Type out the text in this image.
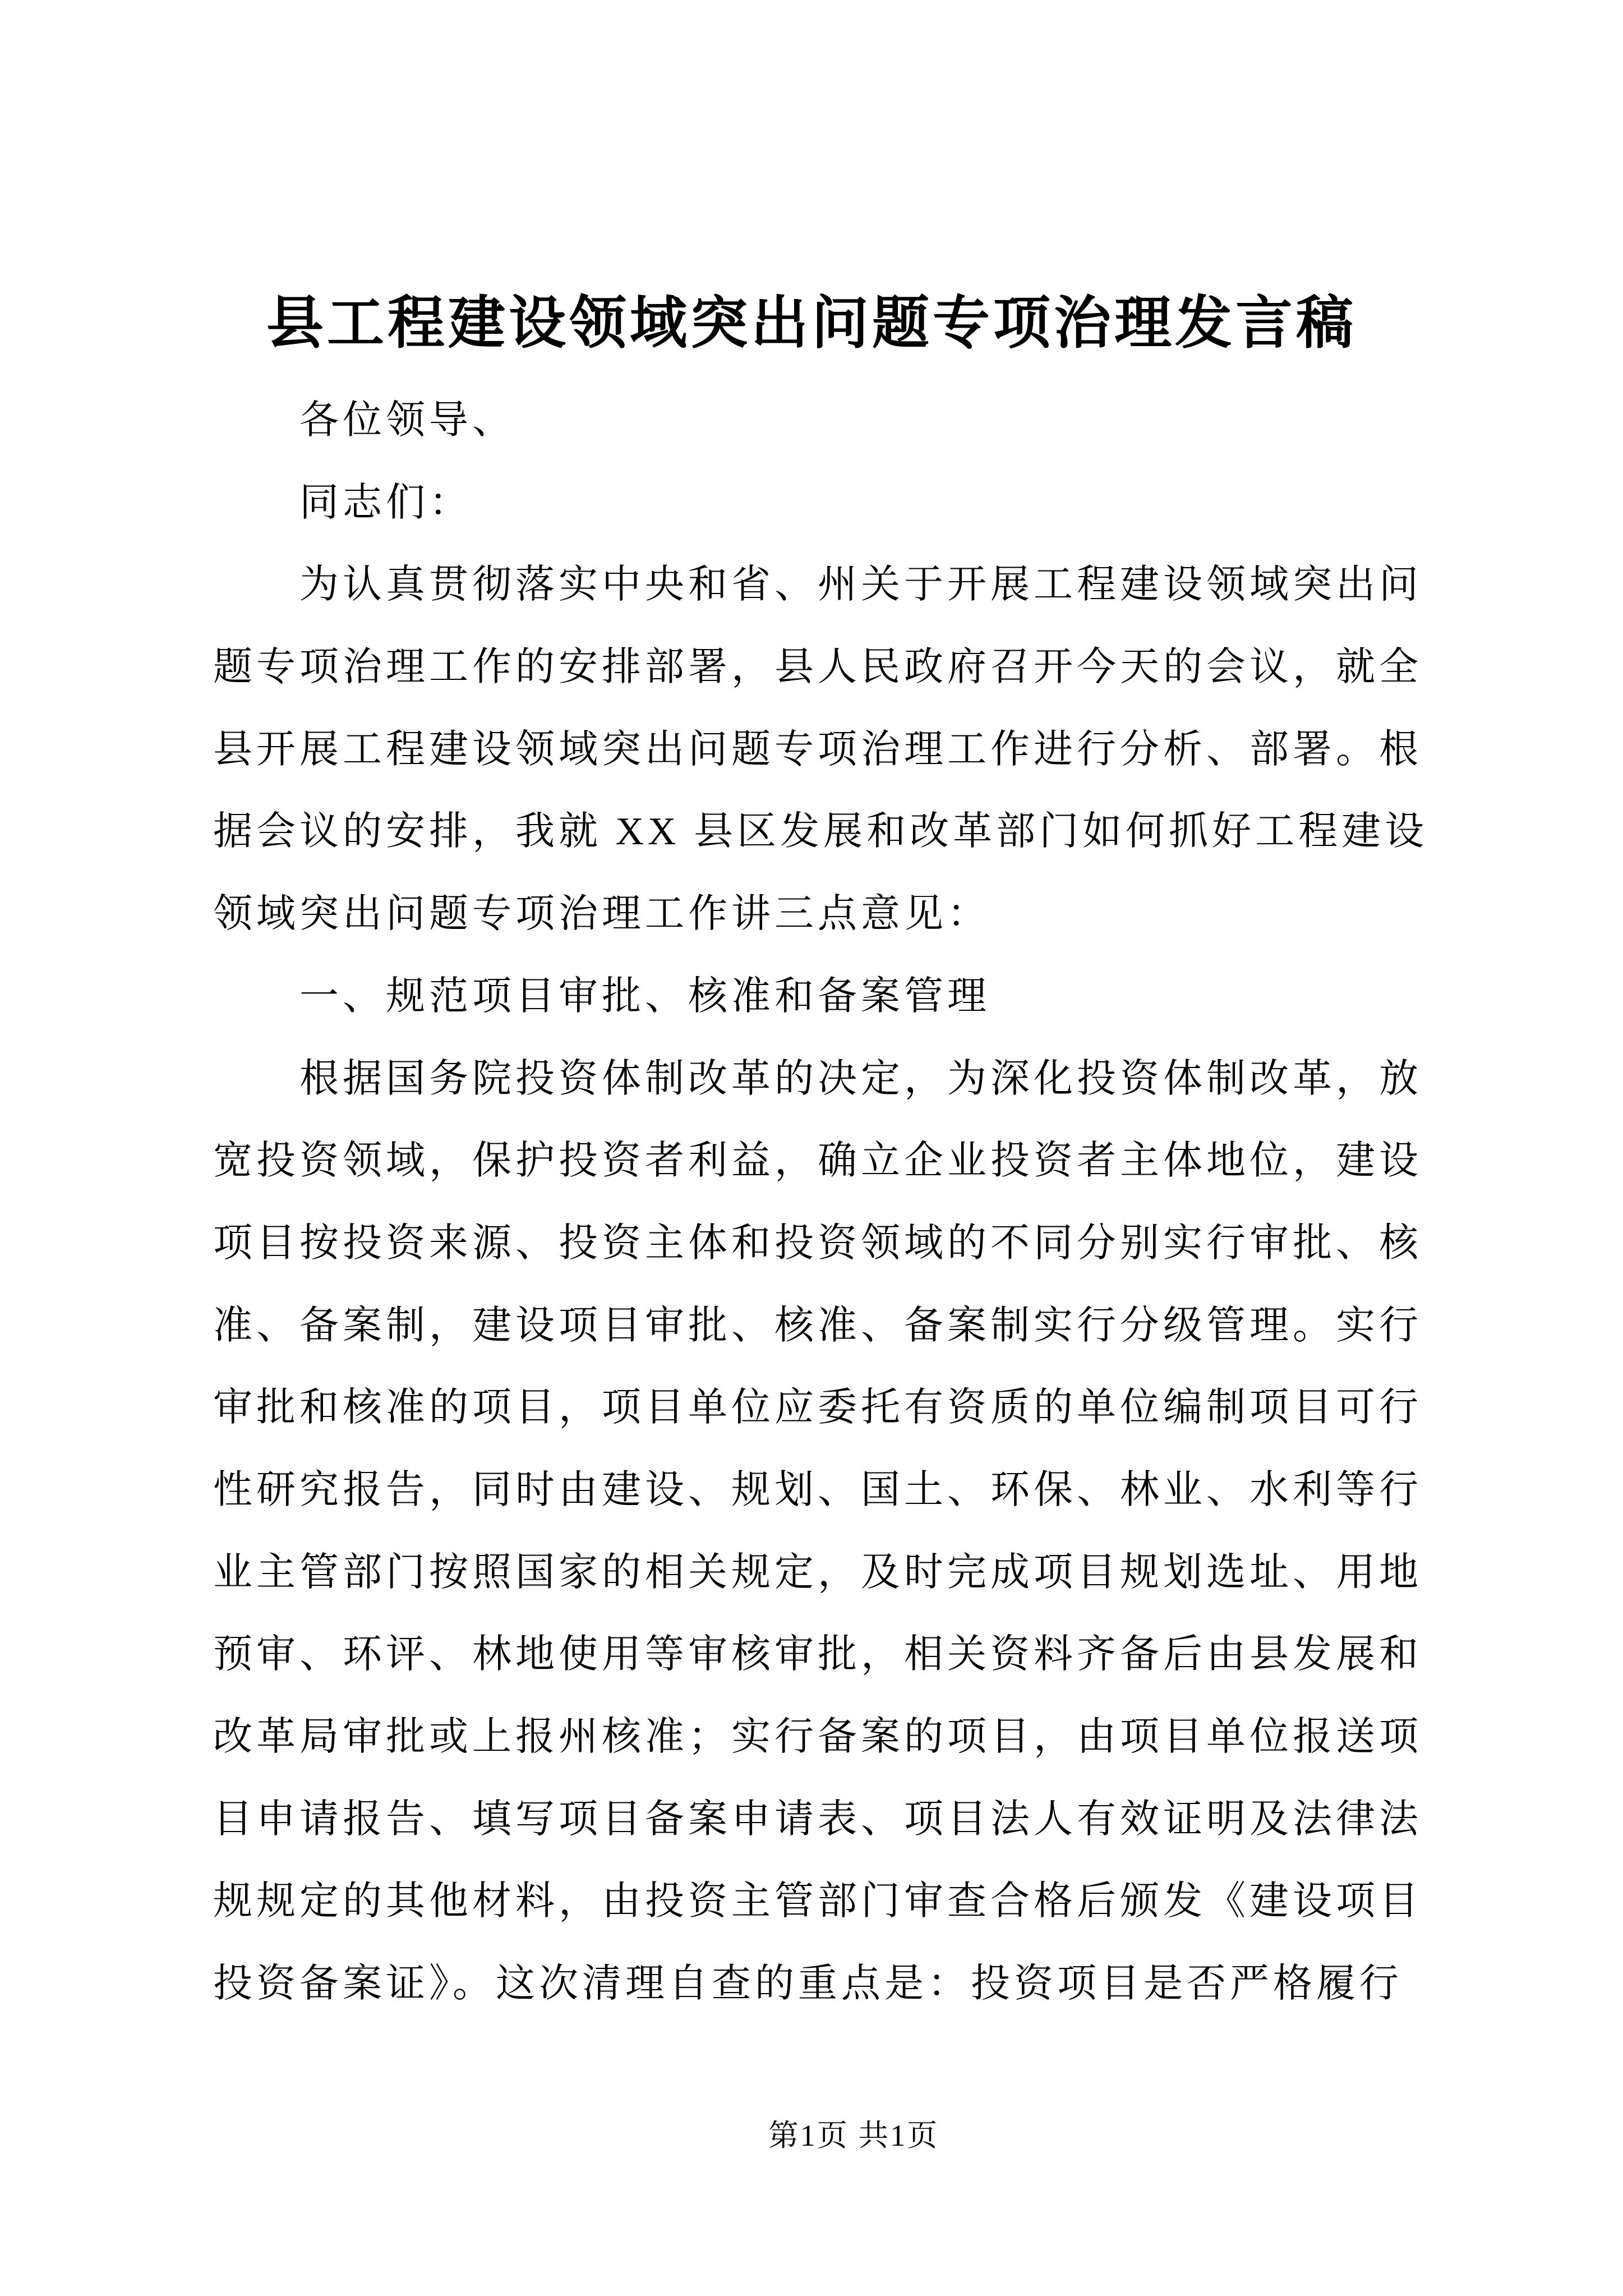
县工程建设领域突出问题专项治理发言稿
各位领导、
同志们：
为认真贯彻落实中央和省、州关于开展工程建设领域突出问
题专项治理工作的安排部署，县人民政府召开今天的会议，就全
县开展工程建设领域突出问题专项治理工作进行分析、部署。根
据会议的安排，我就 XX 县区发展和改革部门如何抓好工程建设
领域突出问题专项治理工作讲三点意见：
一、规范项目审批、核准和备案管理
根据国务院投资体制改革的决定，为深化投资体制改革，放
宽投资领域，保护投资者利益，确立企业投资者主体地位，建设
项目按投资来源、投资主体和投资领域的不同分别实行审批、核
准、备案制，建设项目审批、核准、备案制实行分级管理。实行
审批和核准的项目，项目单位应委托有资质的单位编制项目可行
性研究报告，同时由建设、规划、国土、环保、林业、水利等行
业主管部门按照国家的相关规定，及时完成项目规划选址、用地
预审、环评、林地使用等审核审批，相关资料齐备后由县发展和
改革局审批或上报州核准；实行备案的项目，由项目单位报送项
目申请报告、填写项目备案申请表、项目法人有效证明及法律法
规规定的其他材料，由投资主管部门审查合格后颁发《建设项目
投资备案证》。这次清理自查的重点是：投资项目是否严格履行
第1页 共1页
